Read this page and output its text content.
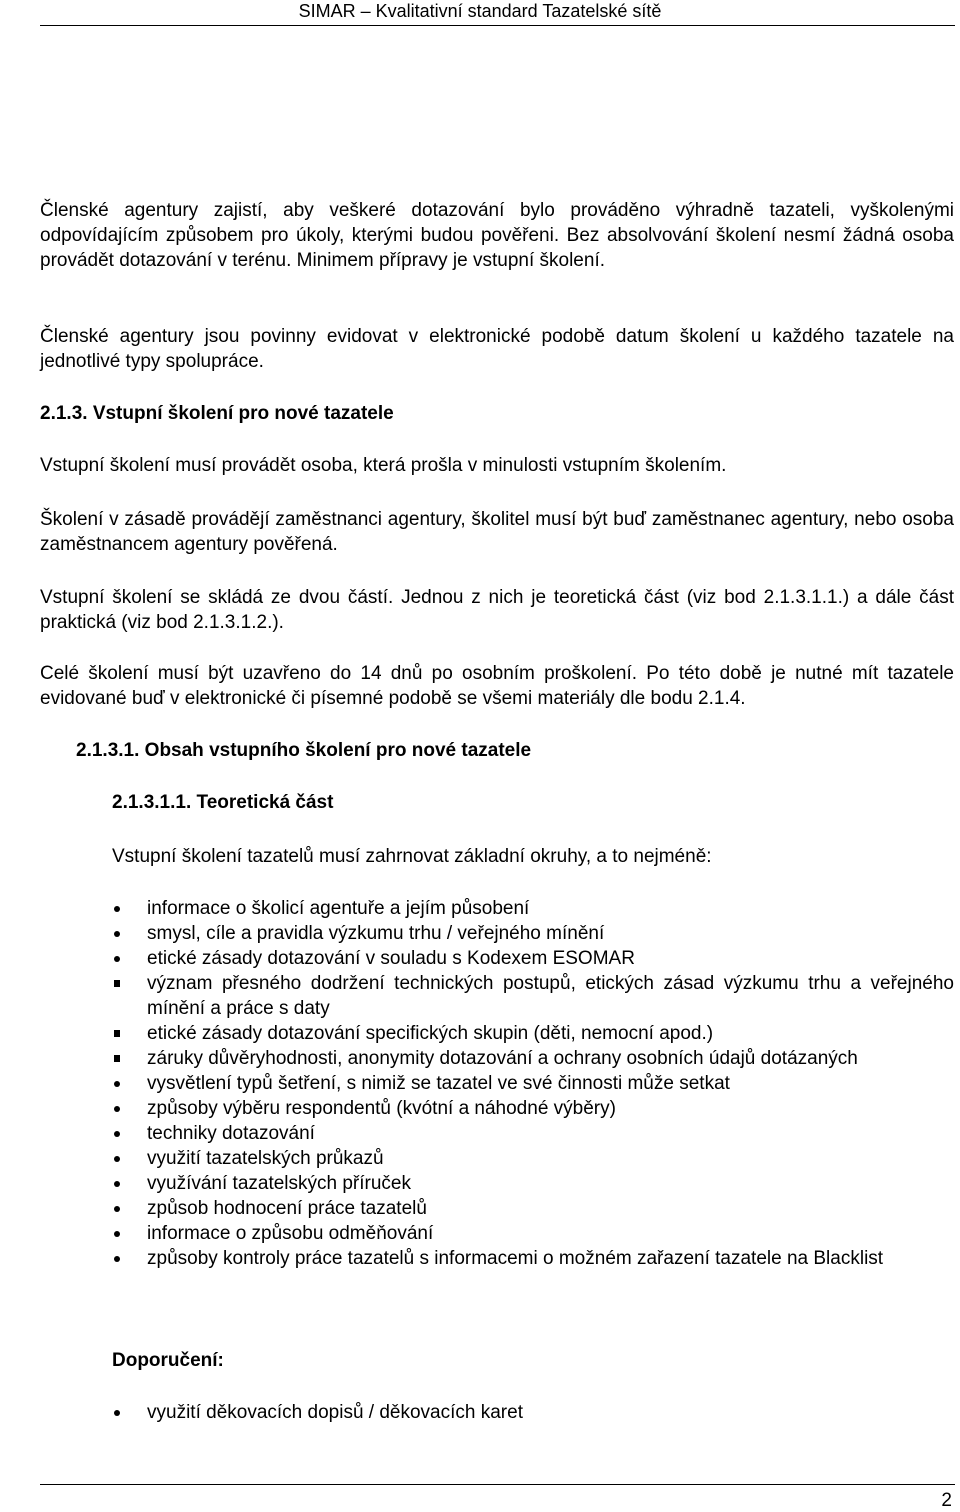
SIMAR – Kvalitativní standard Tazatelské sítě

Členské agentury zajistí, aby veškeré dotazování bylo prováděno výhradně tazateli, vyškolenými odpovídajícím způsobem pro úkoly, kterými budou pověřeni. Bez absolvování školení nesmí žádná osoba provádět dotazování v terénu. Minimem přípravy je vstupní školení.

Členské agentury jsou povinny evidovat v elektronické podobě datum školení u každého tazatele na jednotlivé typy spolupráce.

2.1.3. Vstupní školení pro nové tazatele

Vstupní školení musí provádět osoba, která prošla v minulosti vstupním školením.

Školení v zásadě provádějí zaměstnanci agentury, školitel musí být buď zaměstnanec agentury, nebo osoba zaměstnancem agentury pověřená.

Vstupní školení se skládá ze dvou částí. Jednou z nich je teoretická část (viz bod 2.1.3.1.1.) a dále část praktická (viz bod 2.1.3.1.2.).

Celé školení musí být uzavřeno do 14 dnů po osobním proškolení. Po této době je nutné mít tazatele evidované buď v elektronické či písemné podobě se všemi materiály dle bodu 2.1.4.

2.1.3.1. Obsah vstupního školení pro nové tazatele
2.1.3.1.1. Teoretická část

Vstupní školení tazatelů musí zahrnovat základní okruhy, a to nejméně:

informace o školicí agentuře a jejím působení
smysl, cíle a pravidla výzkumu trhu / veřejného mínění
etické zásady dotazování v souladu s Kodexem ESOMAR
význam přesného dodržení technických postupů, etických zásad výzkumu trhu a veřejného mínění a práce s daty
etické zásady dotazování specifických skupin (děti, nemocní apod.)
záruky důvěryhodnosti, anonymity dotazování a ochrany osobních údajů dotázaných
vysvětlení typů šetření, s nimiž se tazatel ve své činnosti může setkat
způsoby výběru respondentů (kvótní a náhodné výběry)
techniky dotazování
využití tazatelských průkazů
využívání tazatelských příruček
způsob hodnocení práce tazatelů
informace o způsobu odměňování
způsoby kontroly práce tazatelů s informacemi o možném zařazení tazatele na Blacklist
Doporučení:
využití děkovacích dopisů / děkovacích karet
2
